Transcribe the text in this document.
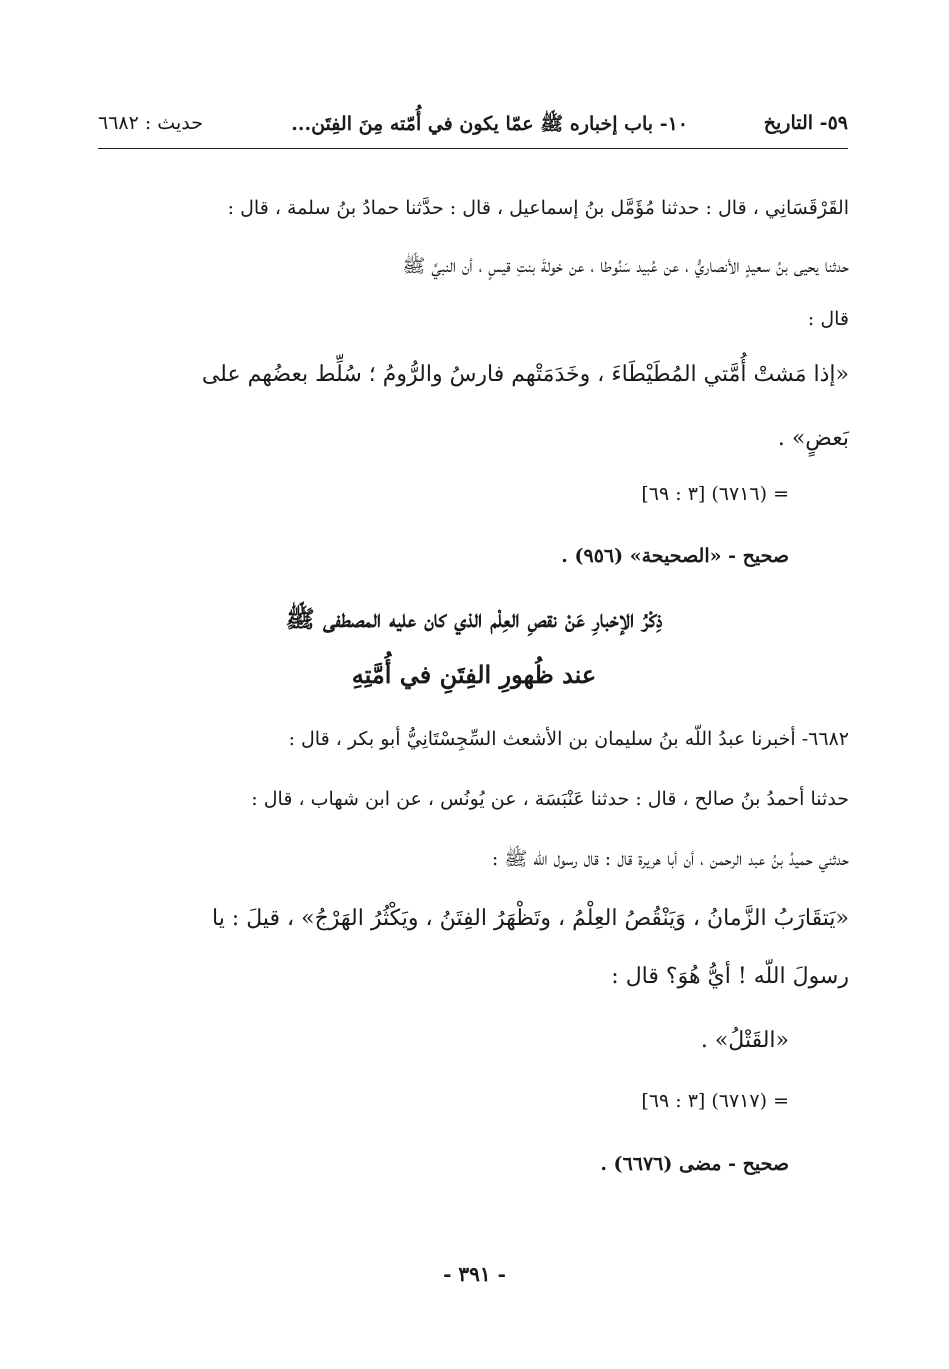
٥٩- التاريخ
١٠- باب إخباره ﷺ عمّا يكون في أُمّته مِنَ الفِتَن...
حديث : ٦٦٨٢
القَرْقَسَانِي ، قال : حدثنا مُؤَمَّل بنُ إسماعيل ، قال : حدَّثنا حمادُ بنُ سلمة ، قال :
حدثنا يحيى بنُ سعيدٍ الأنصاريُّ ، عن عُبيد سَنُوطا ، عن خولةَ بنتِ قيسٍ ، أن النبيَّ ﷺ
قال :
«إذا مَشتْ أُمَّتي المُطَيْطَاءَ ، وخَدَمَتْهم فارسُ والرُّومُ ؛ سُلِّط بعضُهم على
بَعضٍ» .
= (٦٧١٦) [٣ : ٦٩]
صحيح - «الصحيحة» (٩٥٦) .
ذِكْرُ الإخبارِ عَنْ نقصِ العِلْم الذي كان عليه المصطفى ﷺ
عند ظُهورِ الفِتَنِ في أُمَّتِهِ
٦٦٨٢- أخبرنا عبدُ اللّه بنُ سليمان بن الأشعث السِّجِسْتَانِيُّ أبو بكر ، قال :
حدثنا أحمدُ بنُ صالح ، قال : حدثنا عَنْبَسَة ، عن يُونُس ، عن ابن شهاب ، قال :
حدثني حميدُ بنُ عبد الرحمن ، أن أبا هريرة قال : قال رسول اللّه ﷺ :
«يَتقَارَبُ الزَّمانُ ، وَيَنْقُصُ العِلْمُ ، وتَظْهَرُ الفِتَنُ ، ويَكْثُرُ الهَرْجُ» ، قيلَ : يا
رسولَ اللّه ! أيُّ هُوَ؟ قال :
«القَتْلُ» .
= (٦٧١٧) [٣ : ٦٩]
صحيح - مضى (٦٦٧٦) .
- ٣٩١ -
